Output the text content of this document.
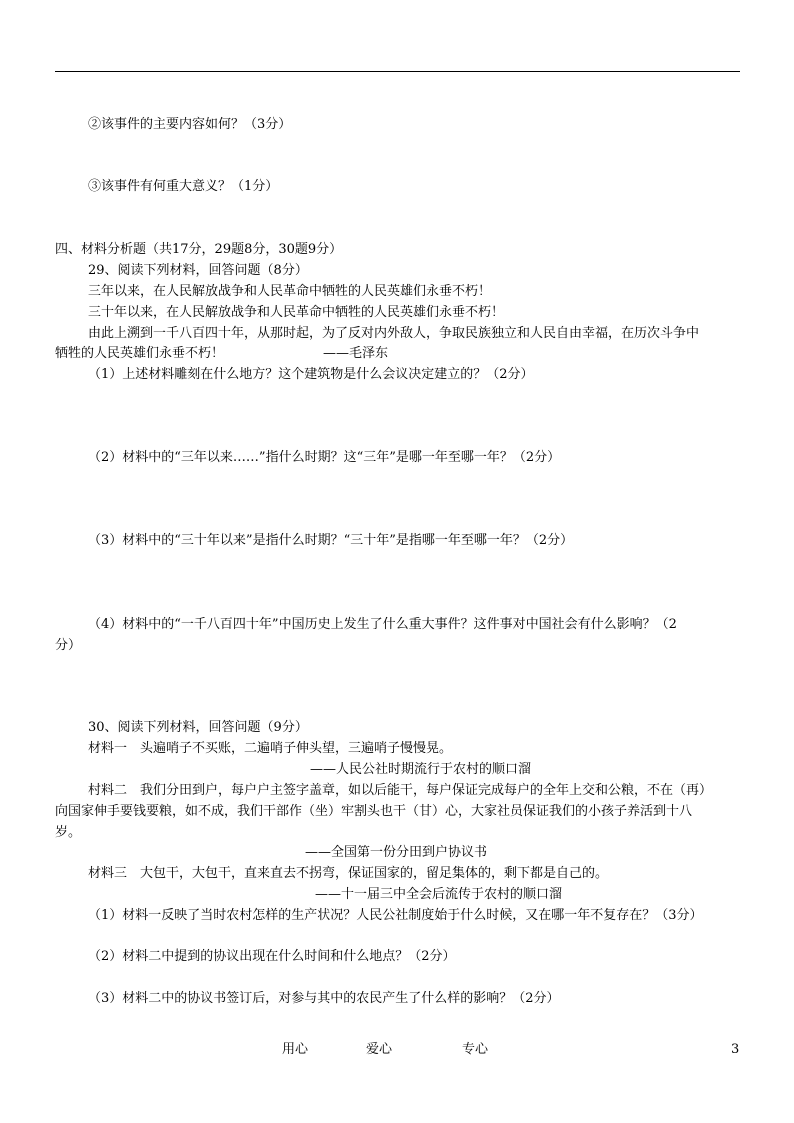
②该事件的主要内容如何？（3分）
③该事件有何重大意义？（1分）
四、材料分析题（共17分，29题8分，30题9分）
29、阅读下列材料，回答问题（8分）
三年以来，在人民解放战争和人民革命中牺牲的人民英雄们永垂不朽！
三十年以来，在人民解放战争和人民革命中牺牲的人民英雄们永垂不朽！
由此上溯到一千八百四十年，从那时起，为了反对内外敌人，争取民族独立和人民自由幸福，在历次斗争中
牺牲的人民英雄们永垂不朽！	——毛泽东
（1）上述材料雕刻在什么地方？这个建筑物是什么会议决定建立的？（2分）
（2）材料中的“三年以来……”指什么时期？这“三年”是哪一年至哪一年？（2分）
（3）材料中的“三十年以来”是指什么时期？“三十年”是指哪一年至哪一年？（2分）
（4）材料中的“一千八百四十年”中国历史上发生了什么重大事件？这件事对中国社会有什么影响？（2
分）
30、阅读下列材料，回答问题（9分）
材料一　头遍哨子不买账，二遍哨子伸头望，三遍哨子慢慢晃。
——人民公社时期流行于农村的顺口溜
村料二　我们分田到户，每户户主签字盖章，如以后能干，每户保证完成每户的全年上交和公粮，不在（再）
向国家伸手要钱要粮，如不成，我们干部作（坐）牢割头也干（甘）心，大家社员保证我们的小孩子养活到十八
岁。
——全国第一份分田到户协议书
材料三　大包干，大包干，直来直去不拐弯，保证国家的，留足集体的，剩下都是自己的。
——十一届三中全会后流传于农村的顺口溜
（1）材料一反映了当时农村怎样的生产状况？人民公社制度始于什么时候，又在哪一年不复存在？（3分）
（2）材料二中提到的协议出现在什么时间和什么地点？（2分）
（3）材料二中的协议书签订后，对参与其中的农民产生了什么样的影响？（2分）
用心	爱心	专心	3
